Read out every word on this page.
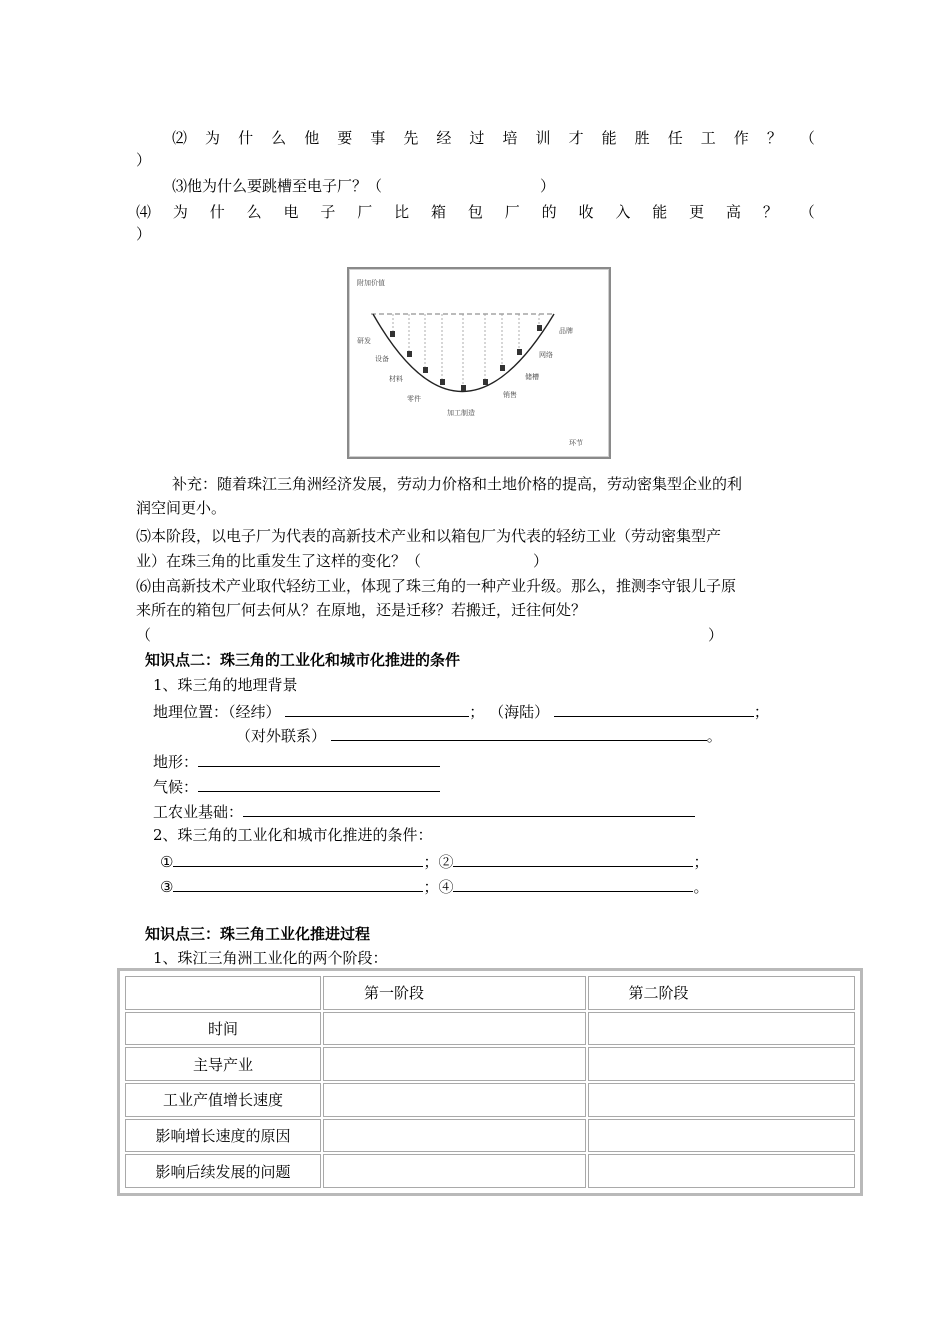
⑵ 为 什 么 他 要 事 先 经 过 培 训 才 能 胜 任 工 作 ？ （
）
⑶他为什么要跳槽至电子厂？（	）
⑷ 为 什 么 电 子 厂 比 箱 包 厂 的 收 入 能 更 高 ？ （
）
附加价值
研发
设备
材料
零件
加工制造
品牌
网络
储槽
销售
环节
补充：随着珠江三角洲经济发展，劳动力价格和土地价格的提高，劳动密集型企业的利
润空间更小。
⑸本阶段，以电子厂为代表的高新技术产业和以箱包厂为代表的轻纺工业（劳动密集型产
业）在珠三角的比重发生了这样的变化？（	）
⑹由高新技术产业取代轻纺工业，体现了珠三角的一种产业升级。那么，推测李守银儿子原
来所在的箱包厂何去何从？在原地，还是迁移？若搬迁，迁往何处？
（	）
知识点二：珠三角的工业化和城市化推进的条件
1、珠三角的地理背景
地理位置：（经纬）	； （海陆）	；
（对外联系）	。
地形：
气候：
工农业基础：
2、珠三角的工业化和城市化推进的条件：
①	；②	；
③	；④	。
知识点三：珠三角工业化推进过程
1、珠江三角洲工业化的两个阶段：
	第一阶段	第二阶段
时间		
主导产业		
工业产值增长速度		
影响增长速度的原因		
影响后续发展的问题		
